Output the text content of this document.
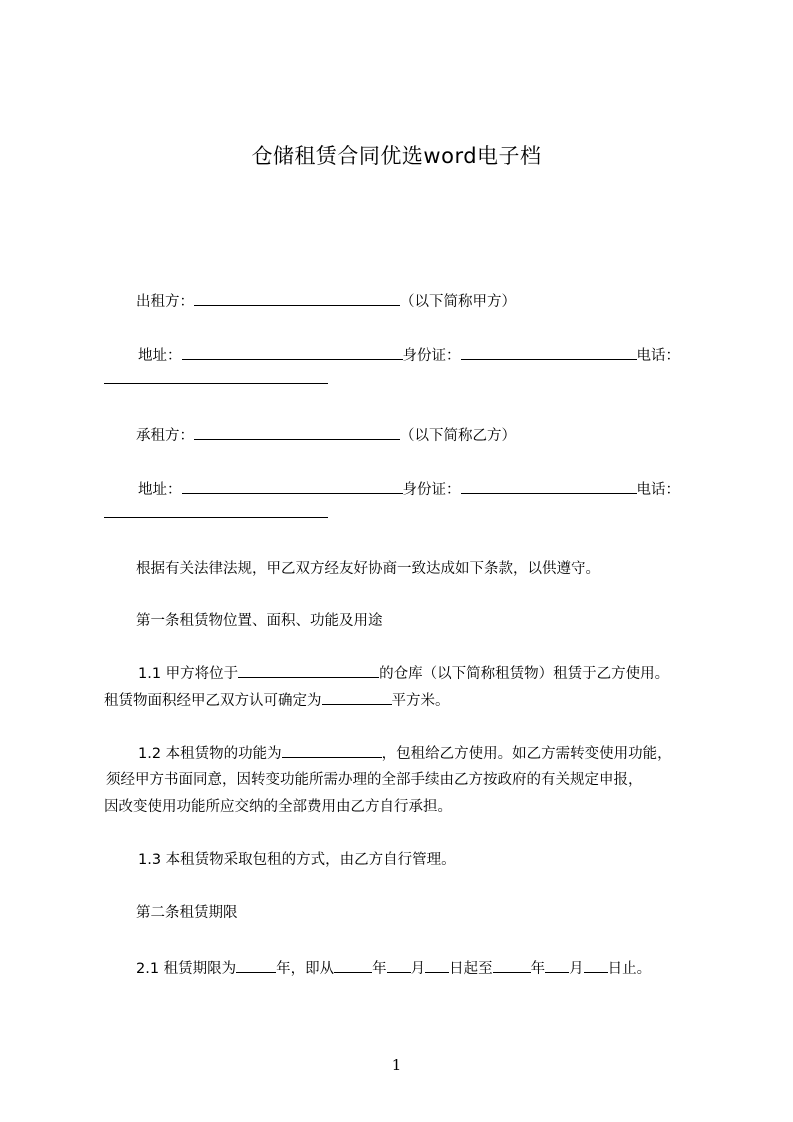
仓储租赁合同优选word电子档
出租方：	（以下简称甲方）
地址：	身份证：	电话：
承租方：	（以下简称乙方）
地址：	身份证：	电话：
根据有关法律法规，甲乙双方经友好协商一致达成如下条款，以供遵守。
第一条租赁物位置、面积、功能及用途
1.1 甲方将位于	的仓库（以下简称租赁物）租赁于乙方使用。
租赁物面积经甲乙双方认可确定为	平方米。
1.2 本租赁物的功能为	，包租给乙方使用。如乙方需转变使用功能，
须经甲方书面同意，因转变功能所需办理的全部手续由乙方按政府的有关规定申报，
因改变使用功能所应交纳的全部费用由乙方自行承担。
1.3 本租赁物采取包租的方式，由乙方自行管理。
第二条租赁期限
2.1 租赁期限为	年，即从	年 月 日起至	年 月 日止。
1
